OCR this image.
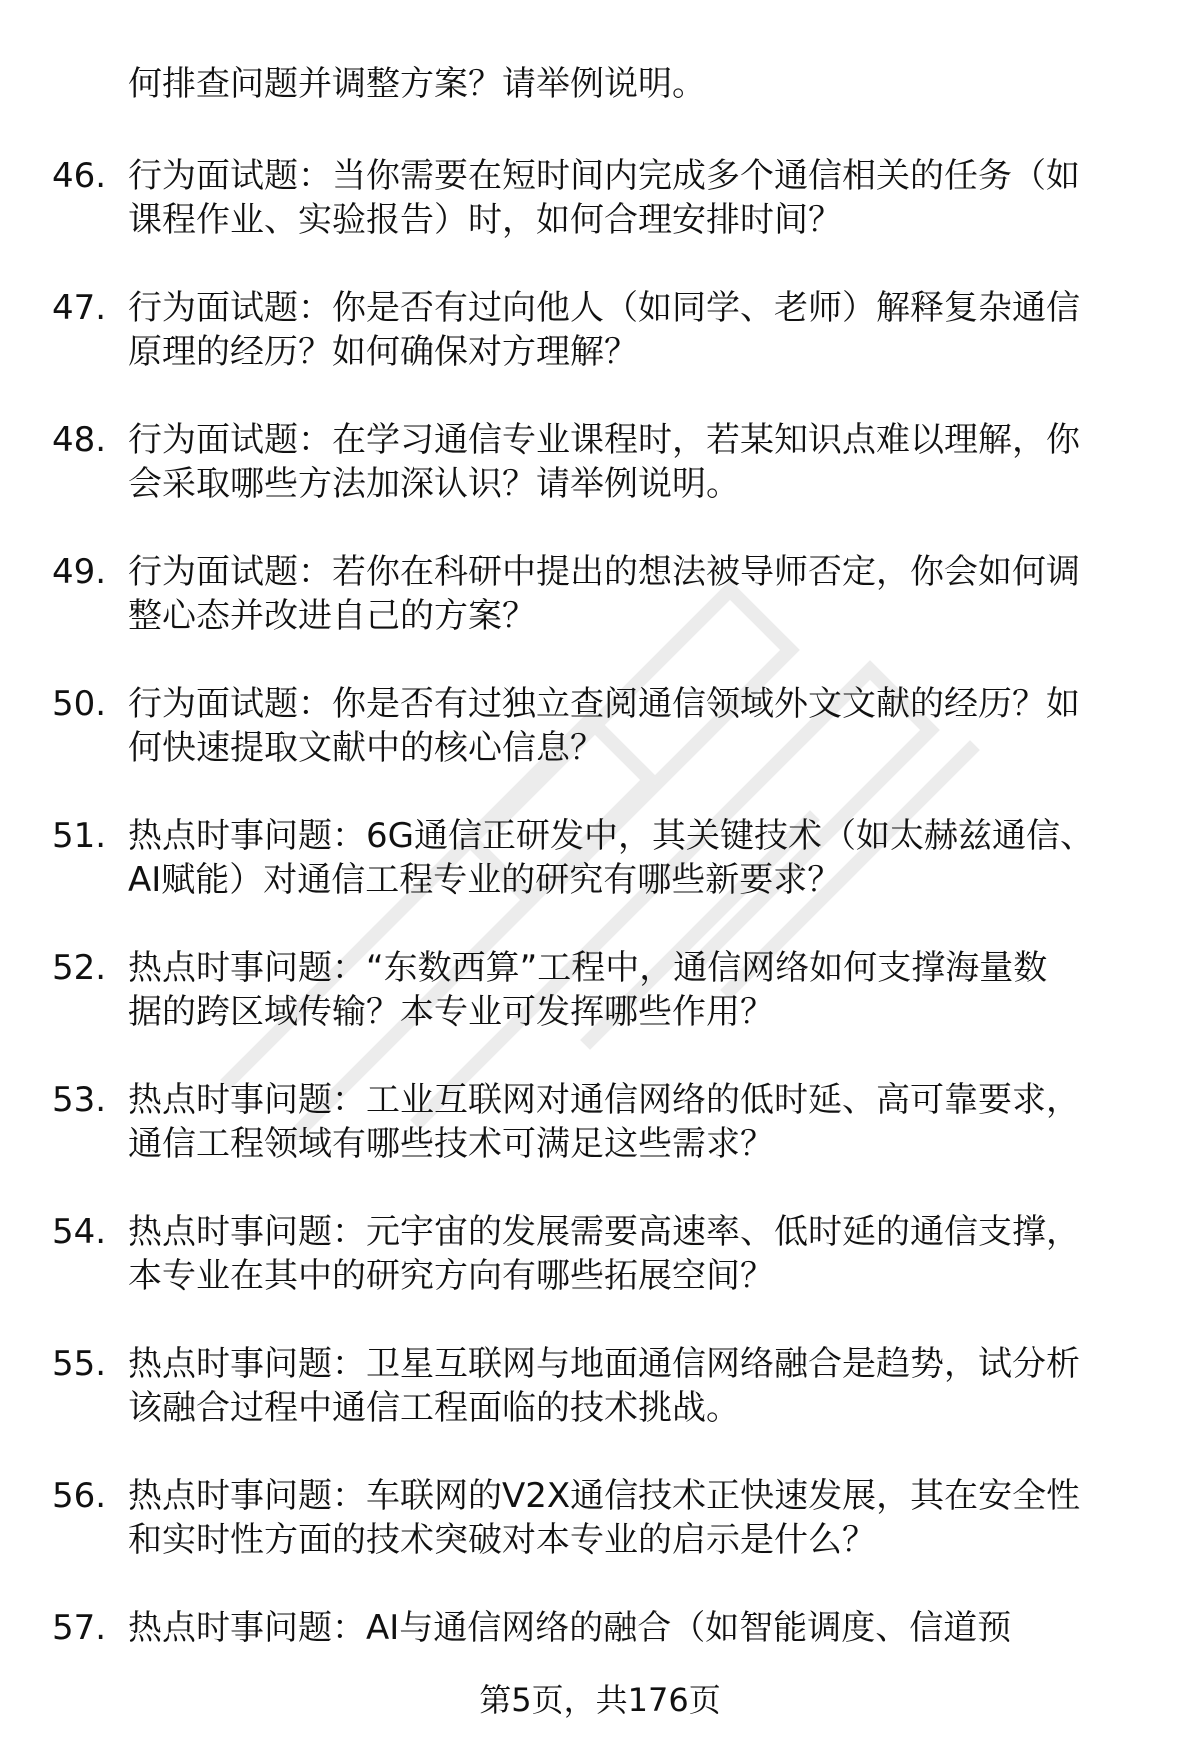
何排查问题并调整方案？请举例说明。
46. 行为面试题：当你需要在短时间内完成多个通信相关的任务（如
课程作业、实验报告）时，如何合理安排时间？
47. 行为面试题：你是否有过向他人（如同学、老师）解释复杂通信
原理的经历？如何确保对方理解？
48. 行为面试题：在学习通信专业课程时，若某知识点难以理解，你
会采取哪些方法加深认识？请举例说明。
49. 行为面试题：若你在科研中提出的想法被导师否定，你会如何调
整心态并改进自己的方案？
50. 行为面试题：你是否有过独立查阅通信领域外文文献的经历？如
何快速提取文献中的核心信息？
51. 热点时事问题：6G通信正研发中，其关键技术（如太赫兹通信、
AI赋能）对通信工程专业的研究有哪些新要求？
52. 热点时事问题：“东数西算”工程中，通信网络如何支撑海量数
据的跨区域传输？本专业可发挥哪些作用？
53. 热点时事问题：工业互联网对通信网络的低时延、高可靠要求，
通信工程领域有哪些技术可满足这些需求？
54. 热点时事问题：元宇宙的发展需要高速率、低时延的通信支撑，
本专业在其中的研究方向有哪些拓展空间？
55. 热点时事问题：卫星互联网与地面通信网络融合是趋势，试分析
该融合过程中通信工程面临的技术挑战。
56. 热点时事问题：车联网的V2X通信技术正快速发展，其在安全性
和实时性方面的技术突破对本专业的启示是什么？
57. 热点时事问题：AI与通信网络的融合（如智能调度、信道预
第5页，共176页
